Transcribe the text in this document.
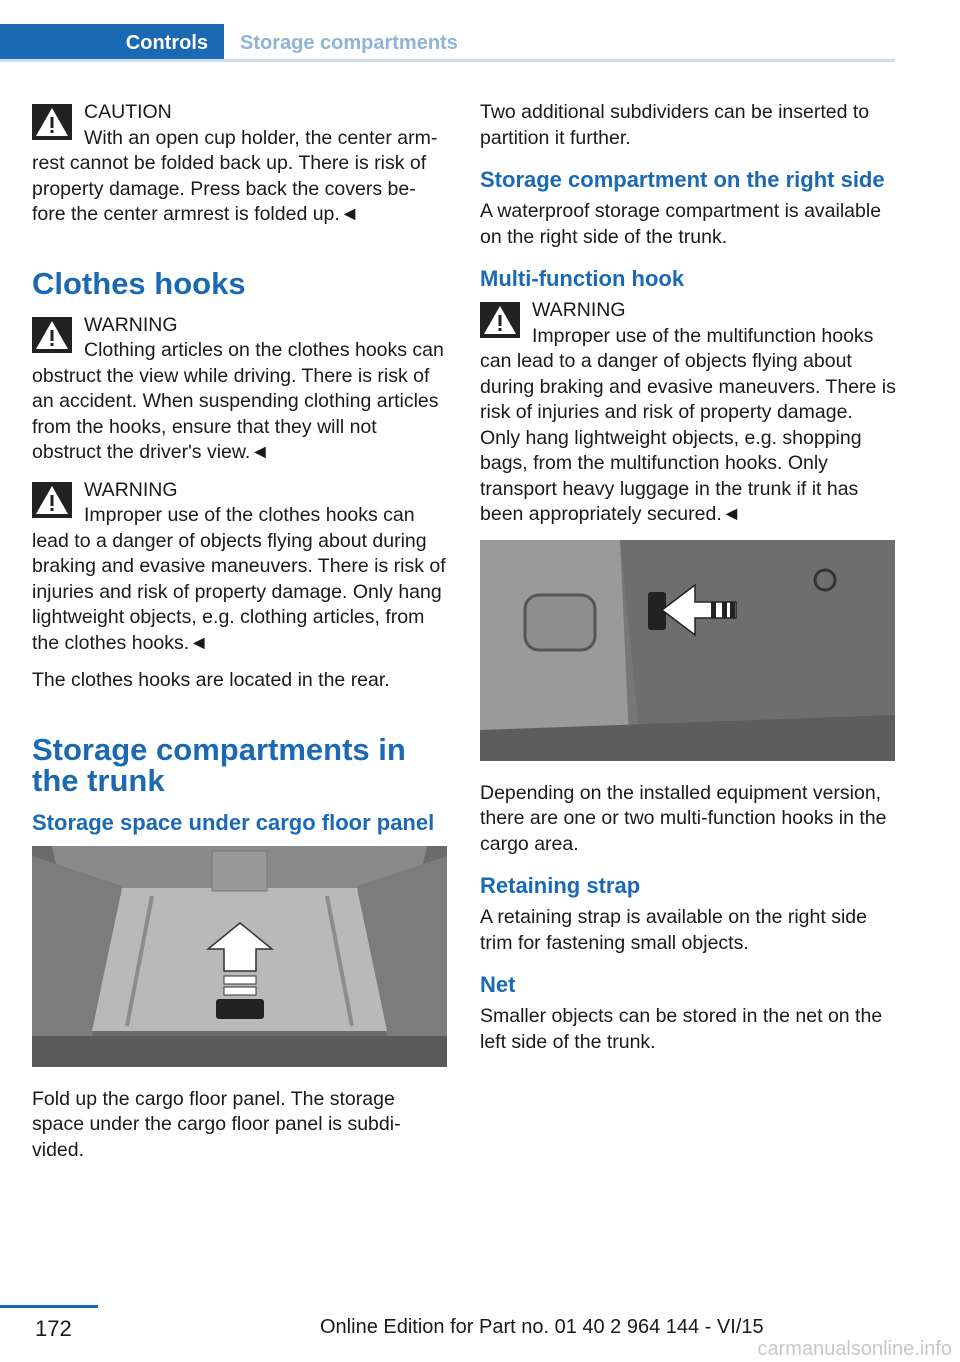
Controls Storage compartments
CAUTION
With an open cup holder, the center arm-rest cannot be folded back up. There is risk of property damage. Press back the covers be-fore the center armrest is folded up.◄
Clothes hooks
WARNING
Clothing articles on the clothes hooks can obstruct the view while driving. There is risk of an accident. When suspending clothing articles from the hooks, ensure that they will not obstruct the driver's view.◄
WARNING
Improper use of the clothes hooks can lead to a danger of objects flying about during braking and evasive maneuvers. There is risk of injuries and risk of property damage. Only hang lightweight objects, e.g. clothing articles, from the clothes hooks.◄

The clothes hooks are located in the rear.

Storage compartments in the trunk
Storage space under cargo floor panel

Fold up the cargo floor panel. The storage space under the cargo floor panel is subdi-vided.

Two additional subdividers can be inserted to partition it further.

Storage compartment on the right side

A waterproof storage compartment is available on the right side of the trunk.

Multi-function hook
WARNING
Improper use of the multifunction hooks can lead to a danger of objects flying about during braking and evasive maneuvers. There is risk of injuries and risk of property damage. Only hang lightweight objects, e.g. shopping bags, from the multifunction hooks. Only transport heavy luggage in the trunk if it has been appropriately secured.◄

Depending on the installed equipment version, there are one or two multi-function hooks in the cargo area.

Retaining strap

A retaining strap is available on the right side trim for fastening small objects.

Net

Smaller objects can be stored in the net on the left side of the trunk.

172	Online Edition for Part no. 01 40 2 964 144 - VI/15
carmanualsonline.info
